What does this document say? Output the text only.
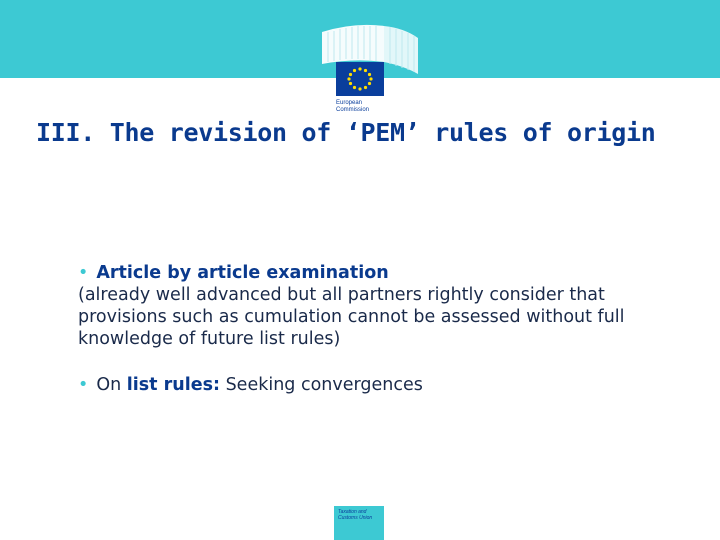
European
Commission
III. The revision of ‘PEM’ rules of origin
• Article by article examination

(already well advanced but all partners rightly consider that provisions such as cumulation cannot be assessed without full knowledge of future list rules)

• On list rules: Seeking convergences
Taxation and
Customs Union
